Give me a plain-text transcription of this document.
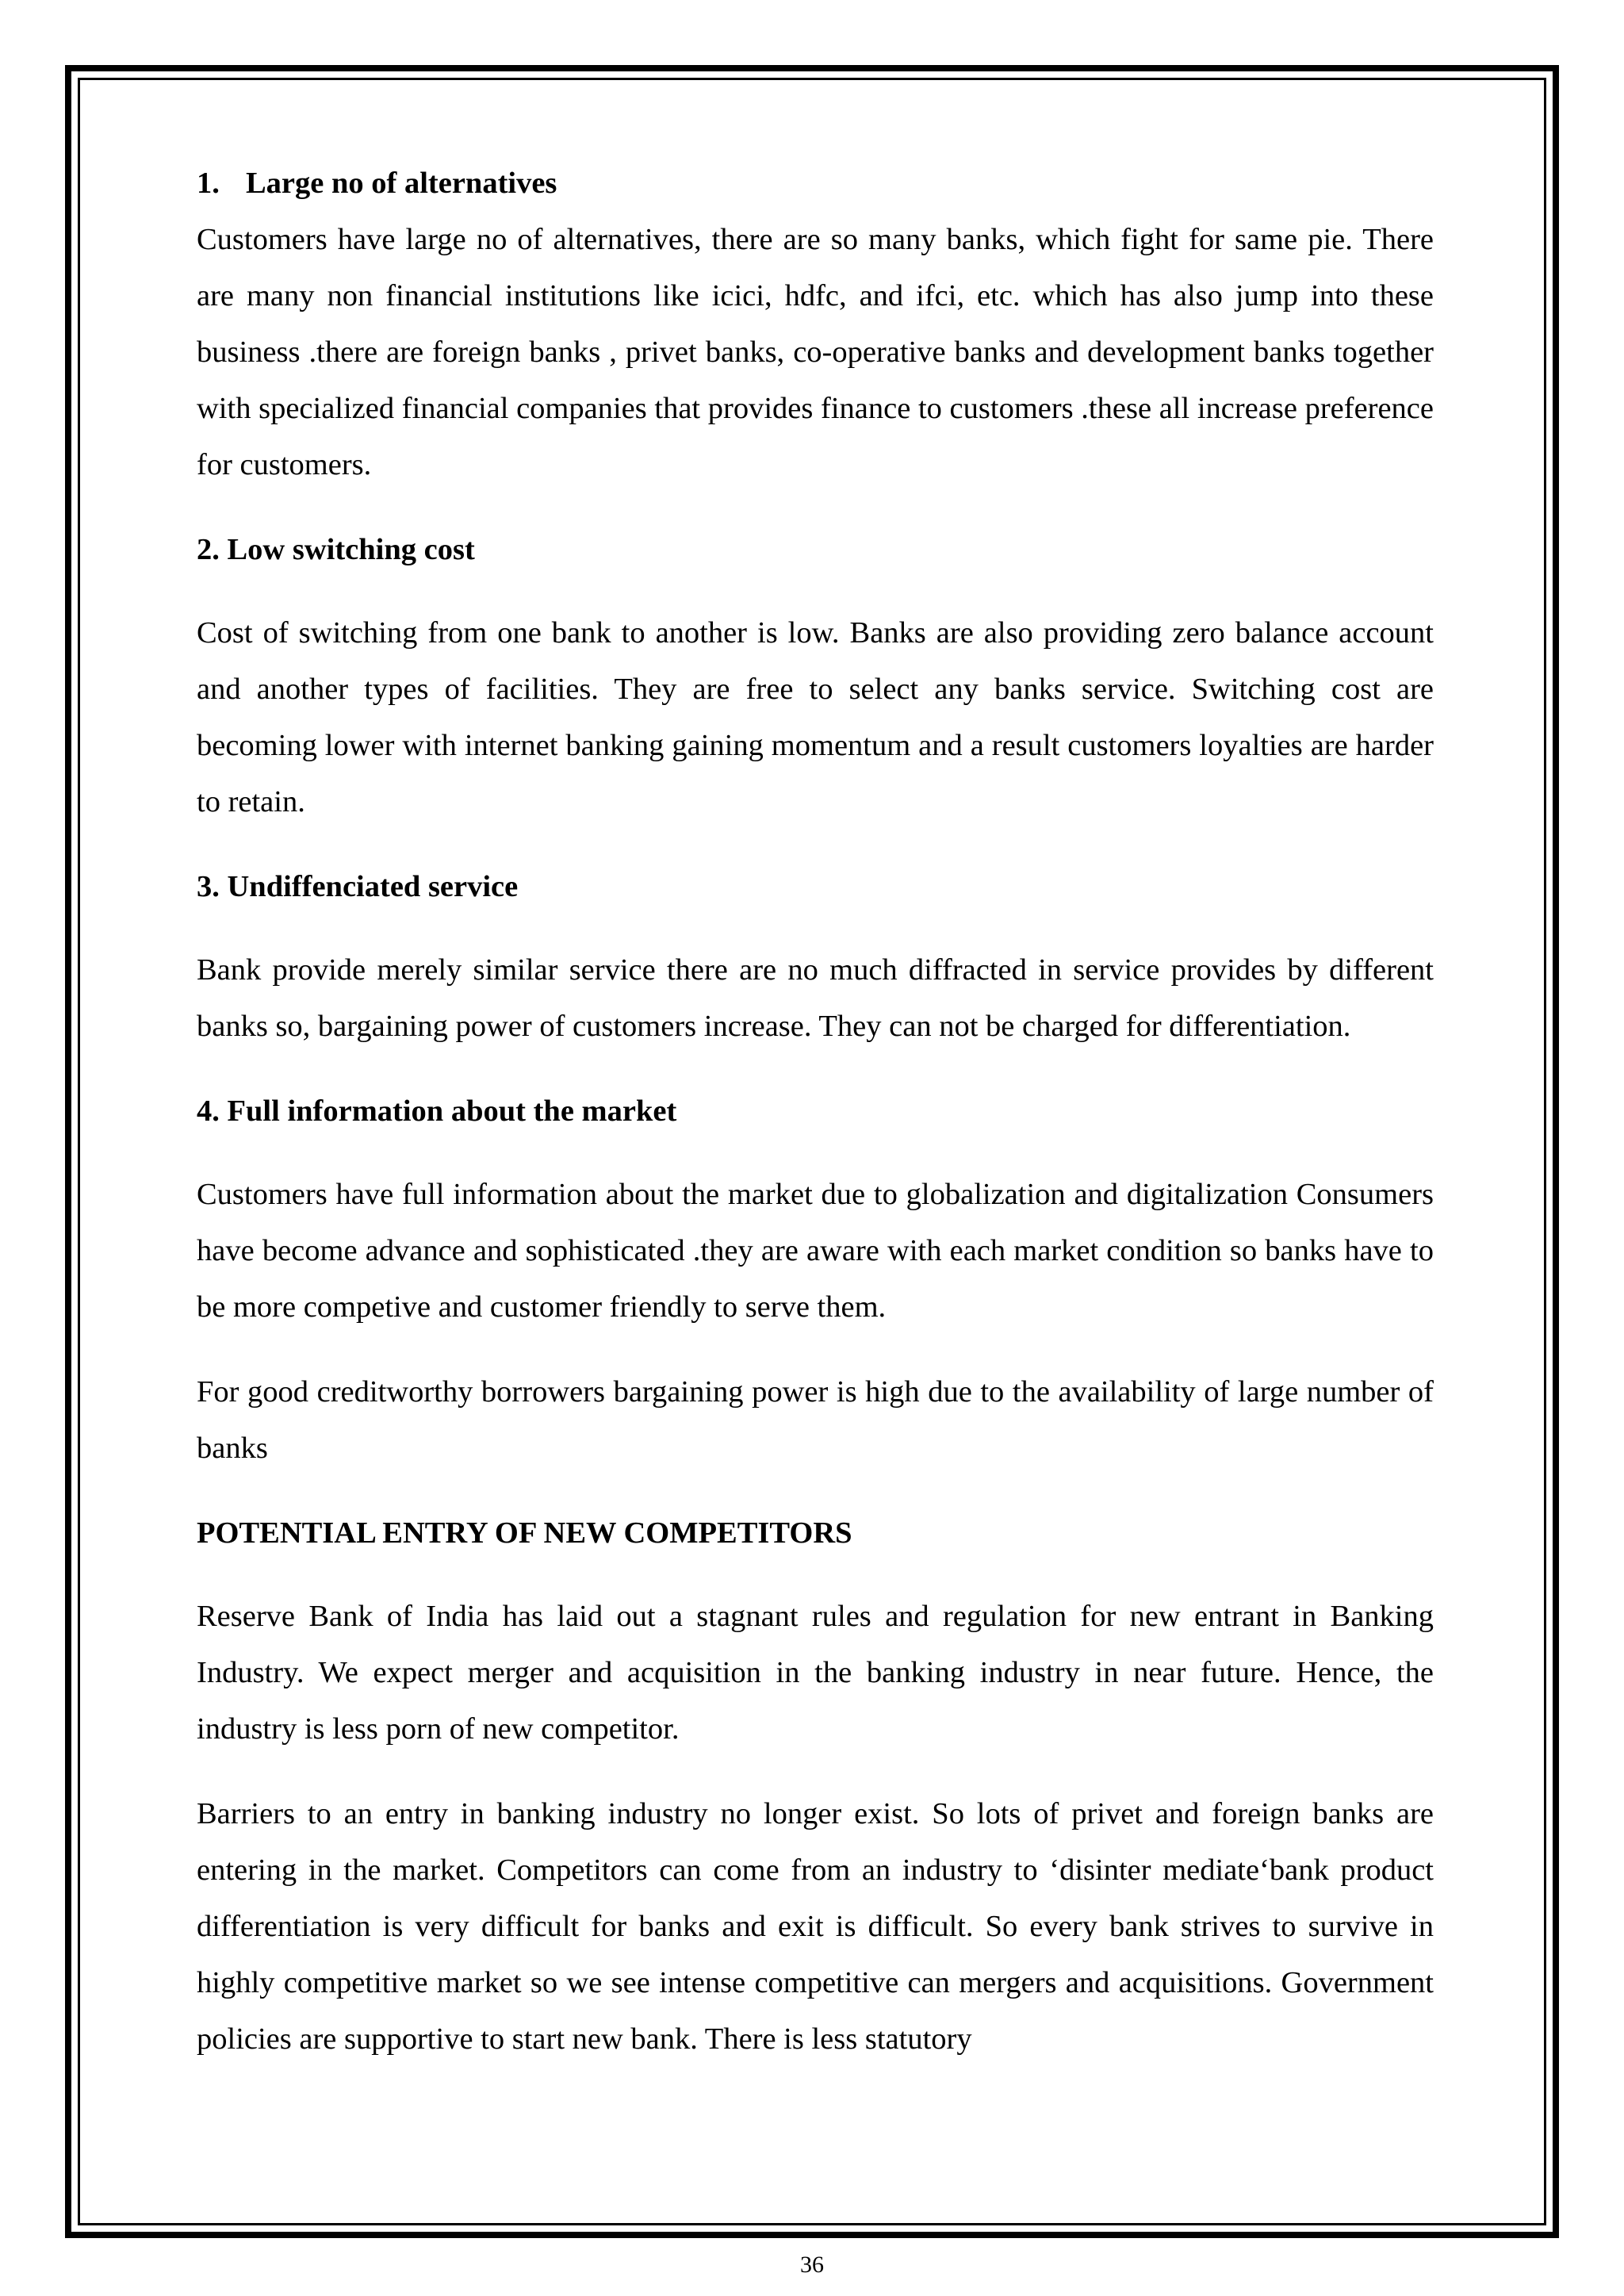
1. Large no of alternatives

Customers have large no of alternatives, there are so many banks, which fight for same pie. There are many non financial institutions like icici, hdfc, and ifci, etc. which has also jump into these business .there are foreign banks , privet banks, co-operative banks and development banks together with specialized financial companies that provides finance to customers .these all increase preference for customers.

2. Low switching cost

Cost of switching from one bank to another is low. Banks are also providing zero balance account and another types of facilities. They are free to select any banks service. Switching cost are becoming lower with internet banking gaining momentum and a result customers loyalties are harder to retain.

3. Undiffenciated service

Bank provide merely similar service there are no much diffracted in service provides by different banks so, bargaining power of customers increase. They can not be charged for differentiation.

4. Full information about the market

Customers have full information about the market due to globalization and digitalization Consumers have become advance and sophisticated .they are aware with each market condition so banks have to be more competive and customer friendly to serve them.

For good creditworthy borrowers bargaining power is high due to the availability of large number of banks

POTENTIAL ENTRY OF NEW COMPETITORS

Reserve Bank of India has laid out a stagnant rules and regulation for new entrant in Banking Industry. We expect merger and acquisition in the banking industry in near future. Hence, the industry is less porn of new competitor.

Barriers to an entry in banking industry no longer exist. So lots of privet and foreign banks are entering in the market. Competitors can come from an industry to ‘disinter mediate‘bank product differentiation is very difficult for banks and exit is difficult. So every bank strives to survive in highly competitive market so we see intense competitive can mergers and acquisitions. Government policies are supportive to start new bank. There is less statutory

36
